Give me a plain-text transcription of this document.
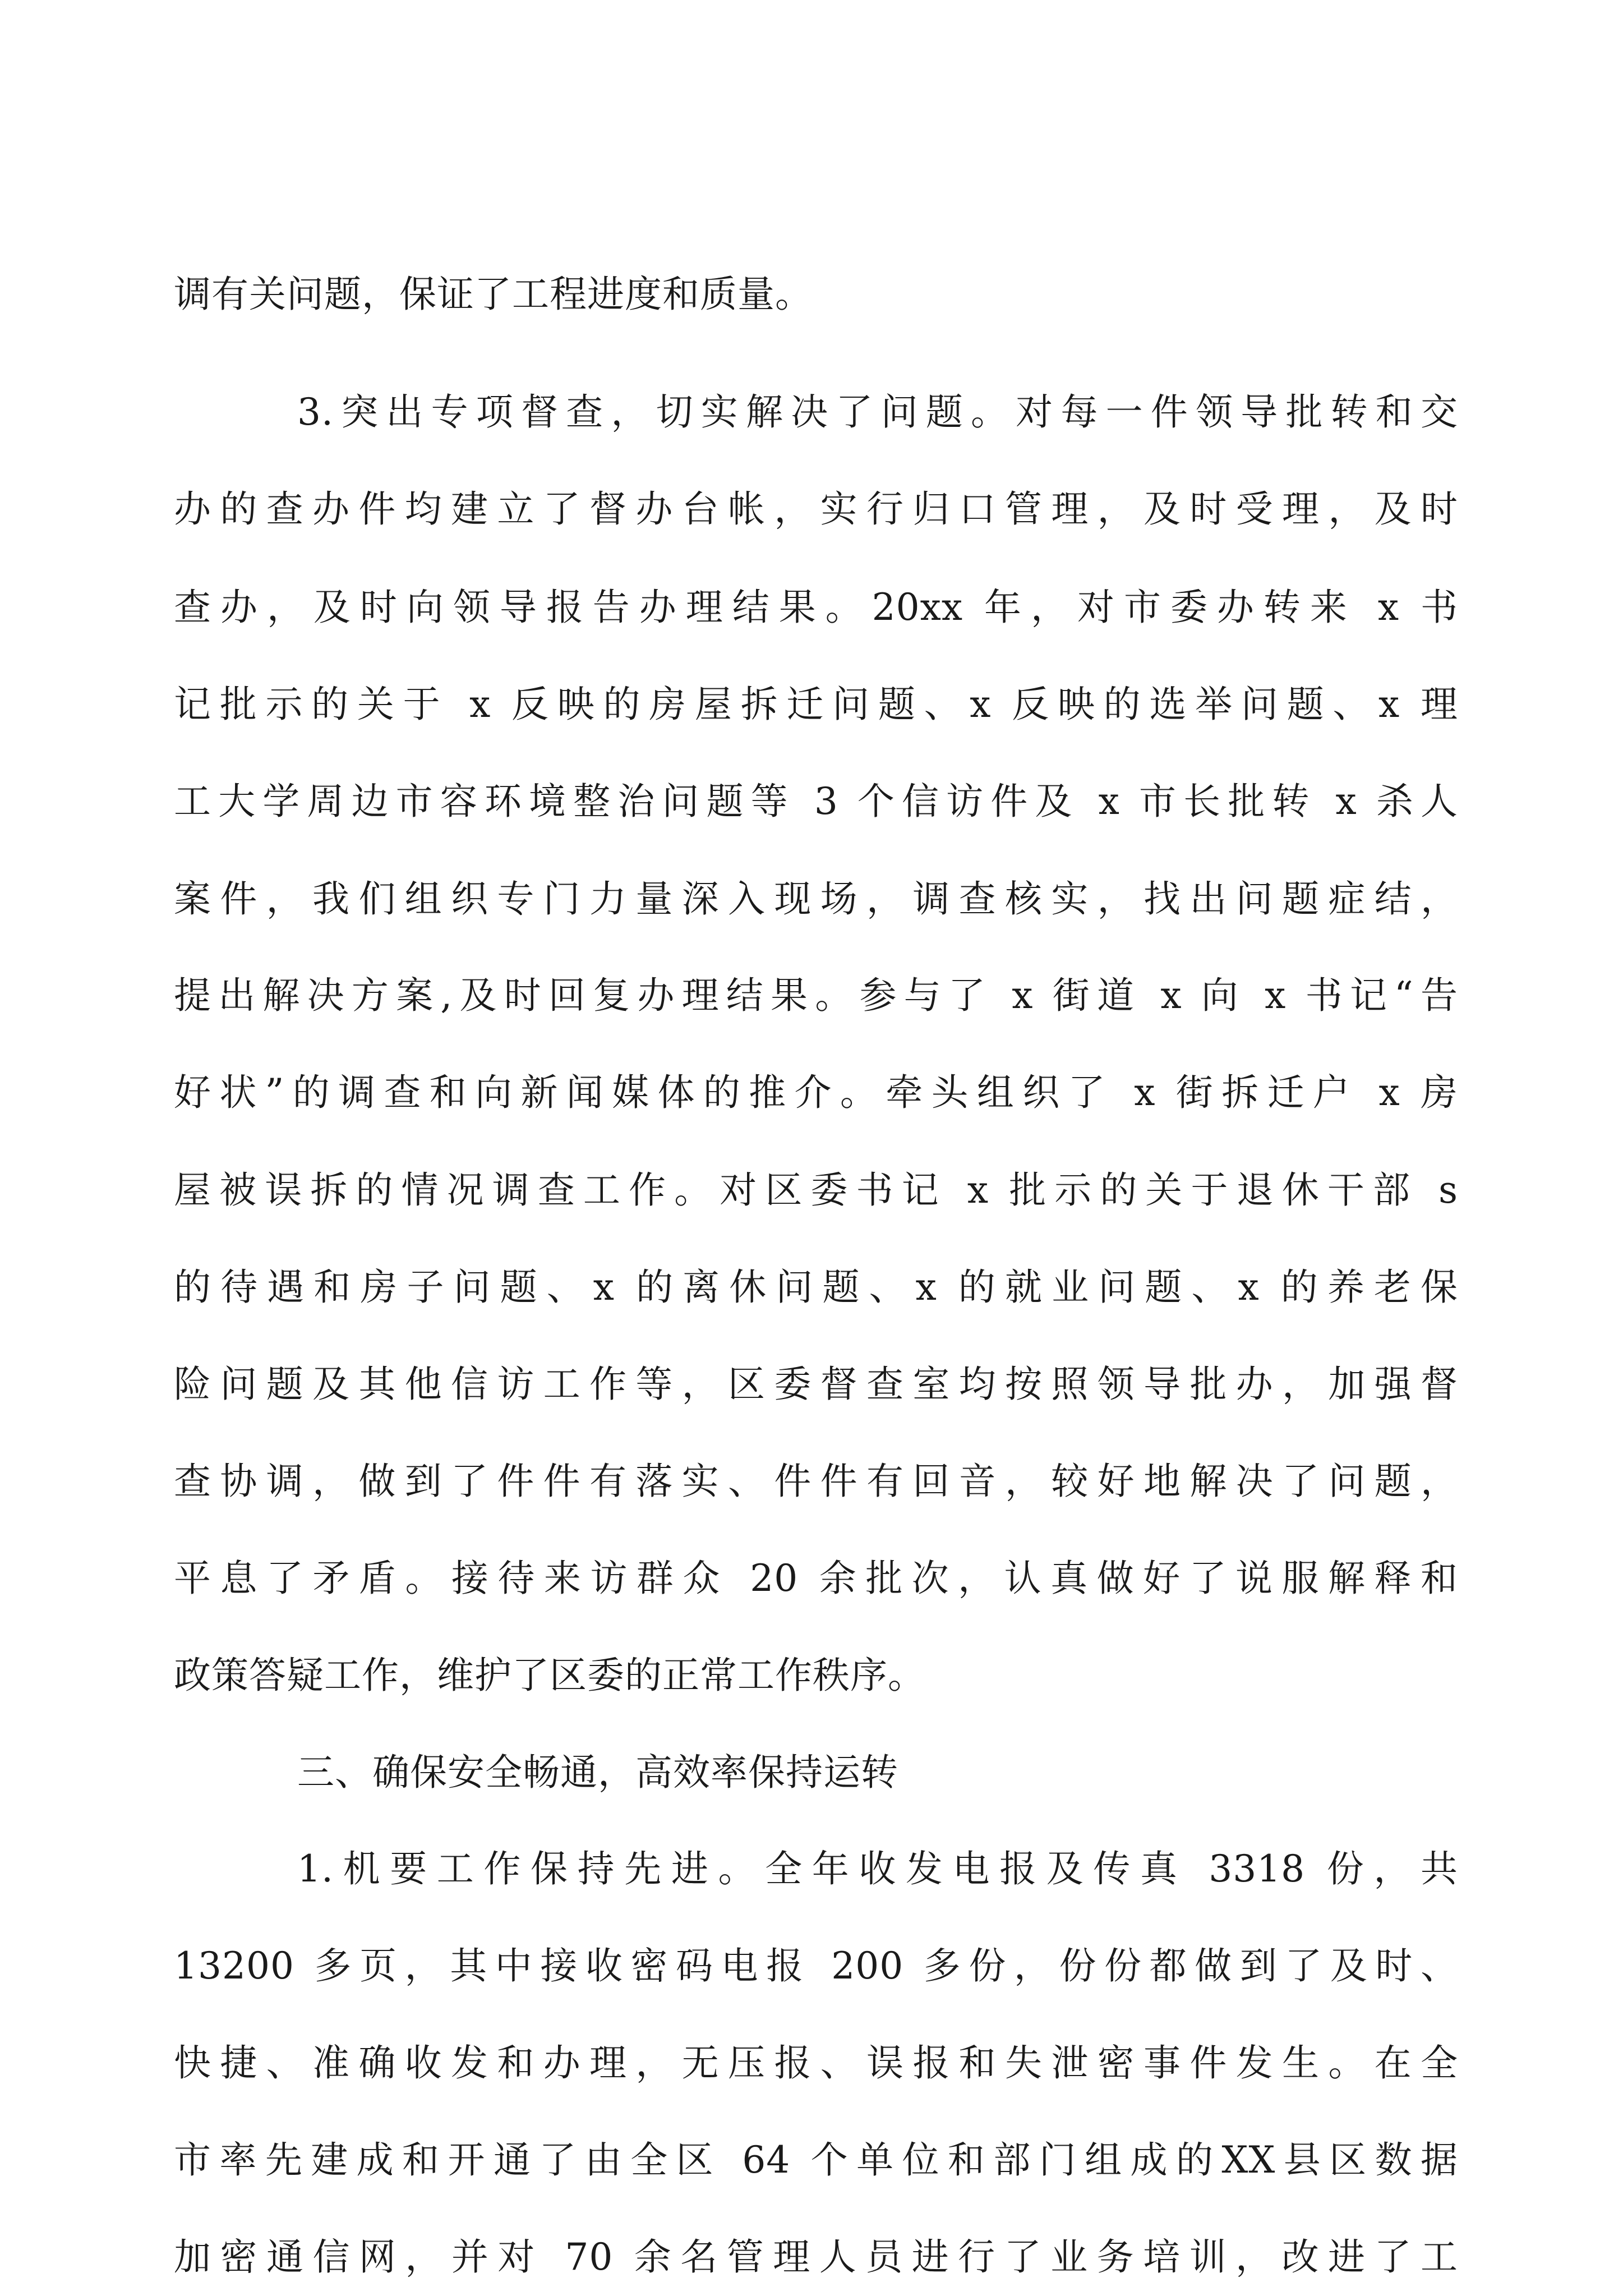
调有关问题，保证了工程进度和质量。
3.突出专项督查，切实解决了问题。对每一件领导批转和交
办的查办件均建立了督办台帐，实行归口管理，及时受理，及时
查办，及时向领导报告办理结果。20xx 年，对市委办转来 x 书
记批示的关于 x 反映的房屋拆迁问题、x 反映的选举问题、x 理
工大学周边市容环境整治问题等 3 个信访件及 x 市长批转 x 杀人
案件，我们组织专门力量深入现场，调查核实，找出问题症结，
提出解决方案,及时回复办理结果。参与了 x 街道 x 向 x 书记“告
好状”的调查和向新闻媒体的推介。牵头组织了 x 街拆迁户 x 房
屋被误拆的情况调查工作。对区委书记 x 批示的关于退休干部 s
的待遇和房子问题、x 的离休问题、x 的就业问题、x 的养老保
险问题及其他信访工作等，区委督查室均按照领导批办，加强督
查协调，做到了件件有落实、件件有回音，较好地解决了问题，
平息了矛盾。接待来访群众 20 余批次，认真做好了说服解释和
政策答疑工作，维护了区委的正常工作秩序。
三、确保安全畅通，高效率保持运转
1.机要工作保持先进。全年收发电报及传真 3318 份，共
13200 多页，其中接收密码电报 200 多份，份份都做到了及时、
快捷、准确收发和办理，无压报、误报和失泄密事件发生。在全
市率先建成和开通了由全区 64 个单位和部门组成的XX县区数据
加密通信网，并对 70 余名管理人员进行了业务培训，改进了工
